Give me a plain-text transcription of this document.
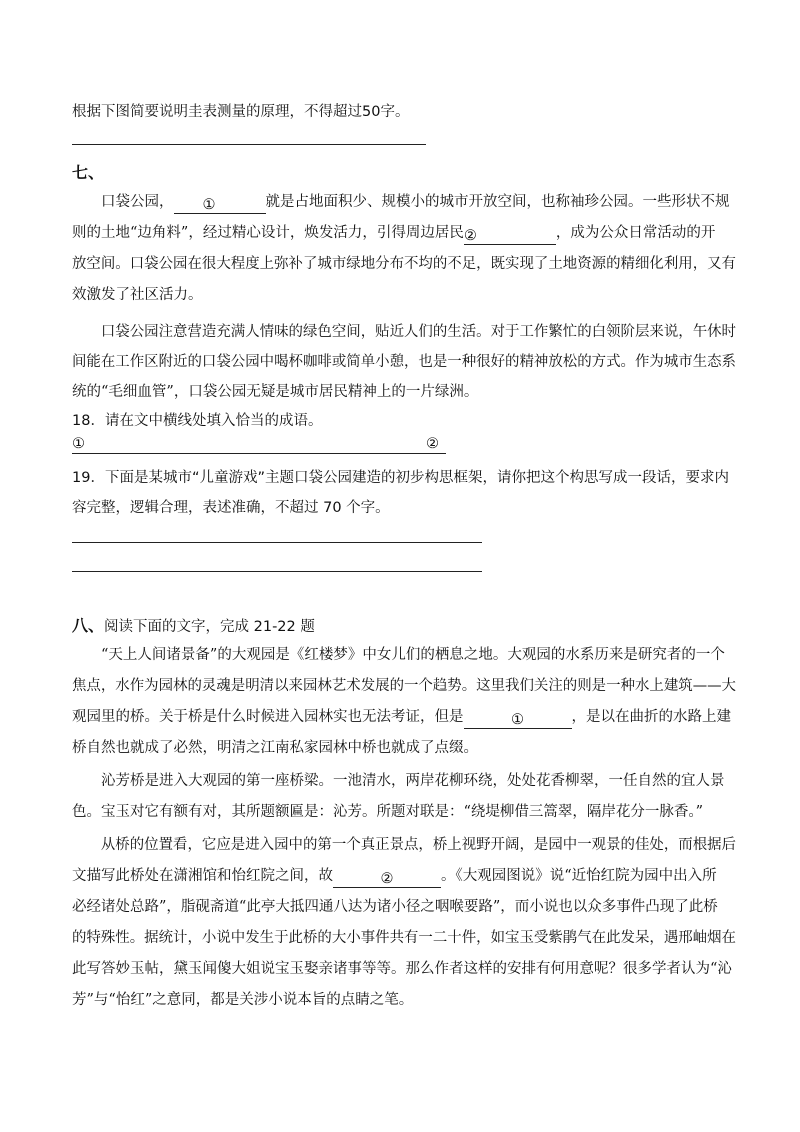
根据下图简要说明圭表测量的原理，不得超过50字。
七、
口袋公园， ①	就是占地面积少、规模小的城市开放空间，也称袖珍公园。一些形状不规
则的土地“边角料”，经过精心设计，焕发活力，引得周边居民②	，成为公众日常活动的开
放空间。口袋公园在很大程度上弥补了城市绿地分布不均的不足，既实现了土地资源的精细化利用，又有
效激发了社区活力。
口袋公园注意营造充满人情味的绿色空间，贴近人们的生活。对于工作繁忙的白领阶层来说，午休时
间能在工作区附近的口袋公园中喝杯咖啡或简单小憩，也是一种很好的精神放松的方式。作为城市生态系
统的“毛细血管”，口袋公园无疑是城市居民精神上的一片绿洲。
18．请在文中横线处填入恰当的成语。
①	②
19．下面是某城市“儿童游戏”主题口袋公园建造的初步构思框架，请你把这个构思写成一段话，要求内
容完整，逻辑合理，表述准确，不超过 70 个字。
八、阅读下面的文字，完成 21-22 题
“天上人间诸景备”的大观园是《红楼梦》中女儿们的栖息之地。大观园的水系历来是研究者的一个
焦点，水作为园林的灵魂是明清以来园林艺术发展的一个趋势。这里我们关注的则是一种水上建筑——大
观园里的桥。关于桥是什么时候进入园林实也无法考证，但是	①	，是以在曲折的水路上建
桥自然也就成了必然，明清之江南私家园林中桥也就成了点缀。
沁芳桥是进入大观园的第一座桥梁。一池清水，两岸花柳环绕，处处花香柳翠，一任自然的宜人景
色。宝玉对它有额有对，其所题额匾是：沁芳。所题对联是：“绕堤柳借三篙翠，隔岸花分一脉香。”
从桥的位置看，它应是进入园中的第一个真正景点，桥上视野开阔，是园中一观景的佳处，而根据后
文描写此桥处在潇湘馆和怡红院之间，故	②	。《大观园图说》说“近怡红院为园中出入所
必经诸处总路”，脂砚斋道“此亭大抵四通八达为诸小径之咽喉要路”，而小说也以众多事件凸现了此桥
的特殊性。据统计，小说中发生于此桥的大小事件共有一二十件，如宝玉受紫鹃气在此发呆，遇邢岫烟在
此写答妙玉帖，黛玉闻傻大姐说宝玉娶亲诸事等等。那么作者这样的安排有何用意呢？很多学者认为“沁
芳”与“怡红”之意同，都是关涉小说本旨的点睛之笔。
